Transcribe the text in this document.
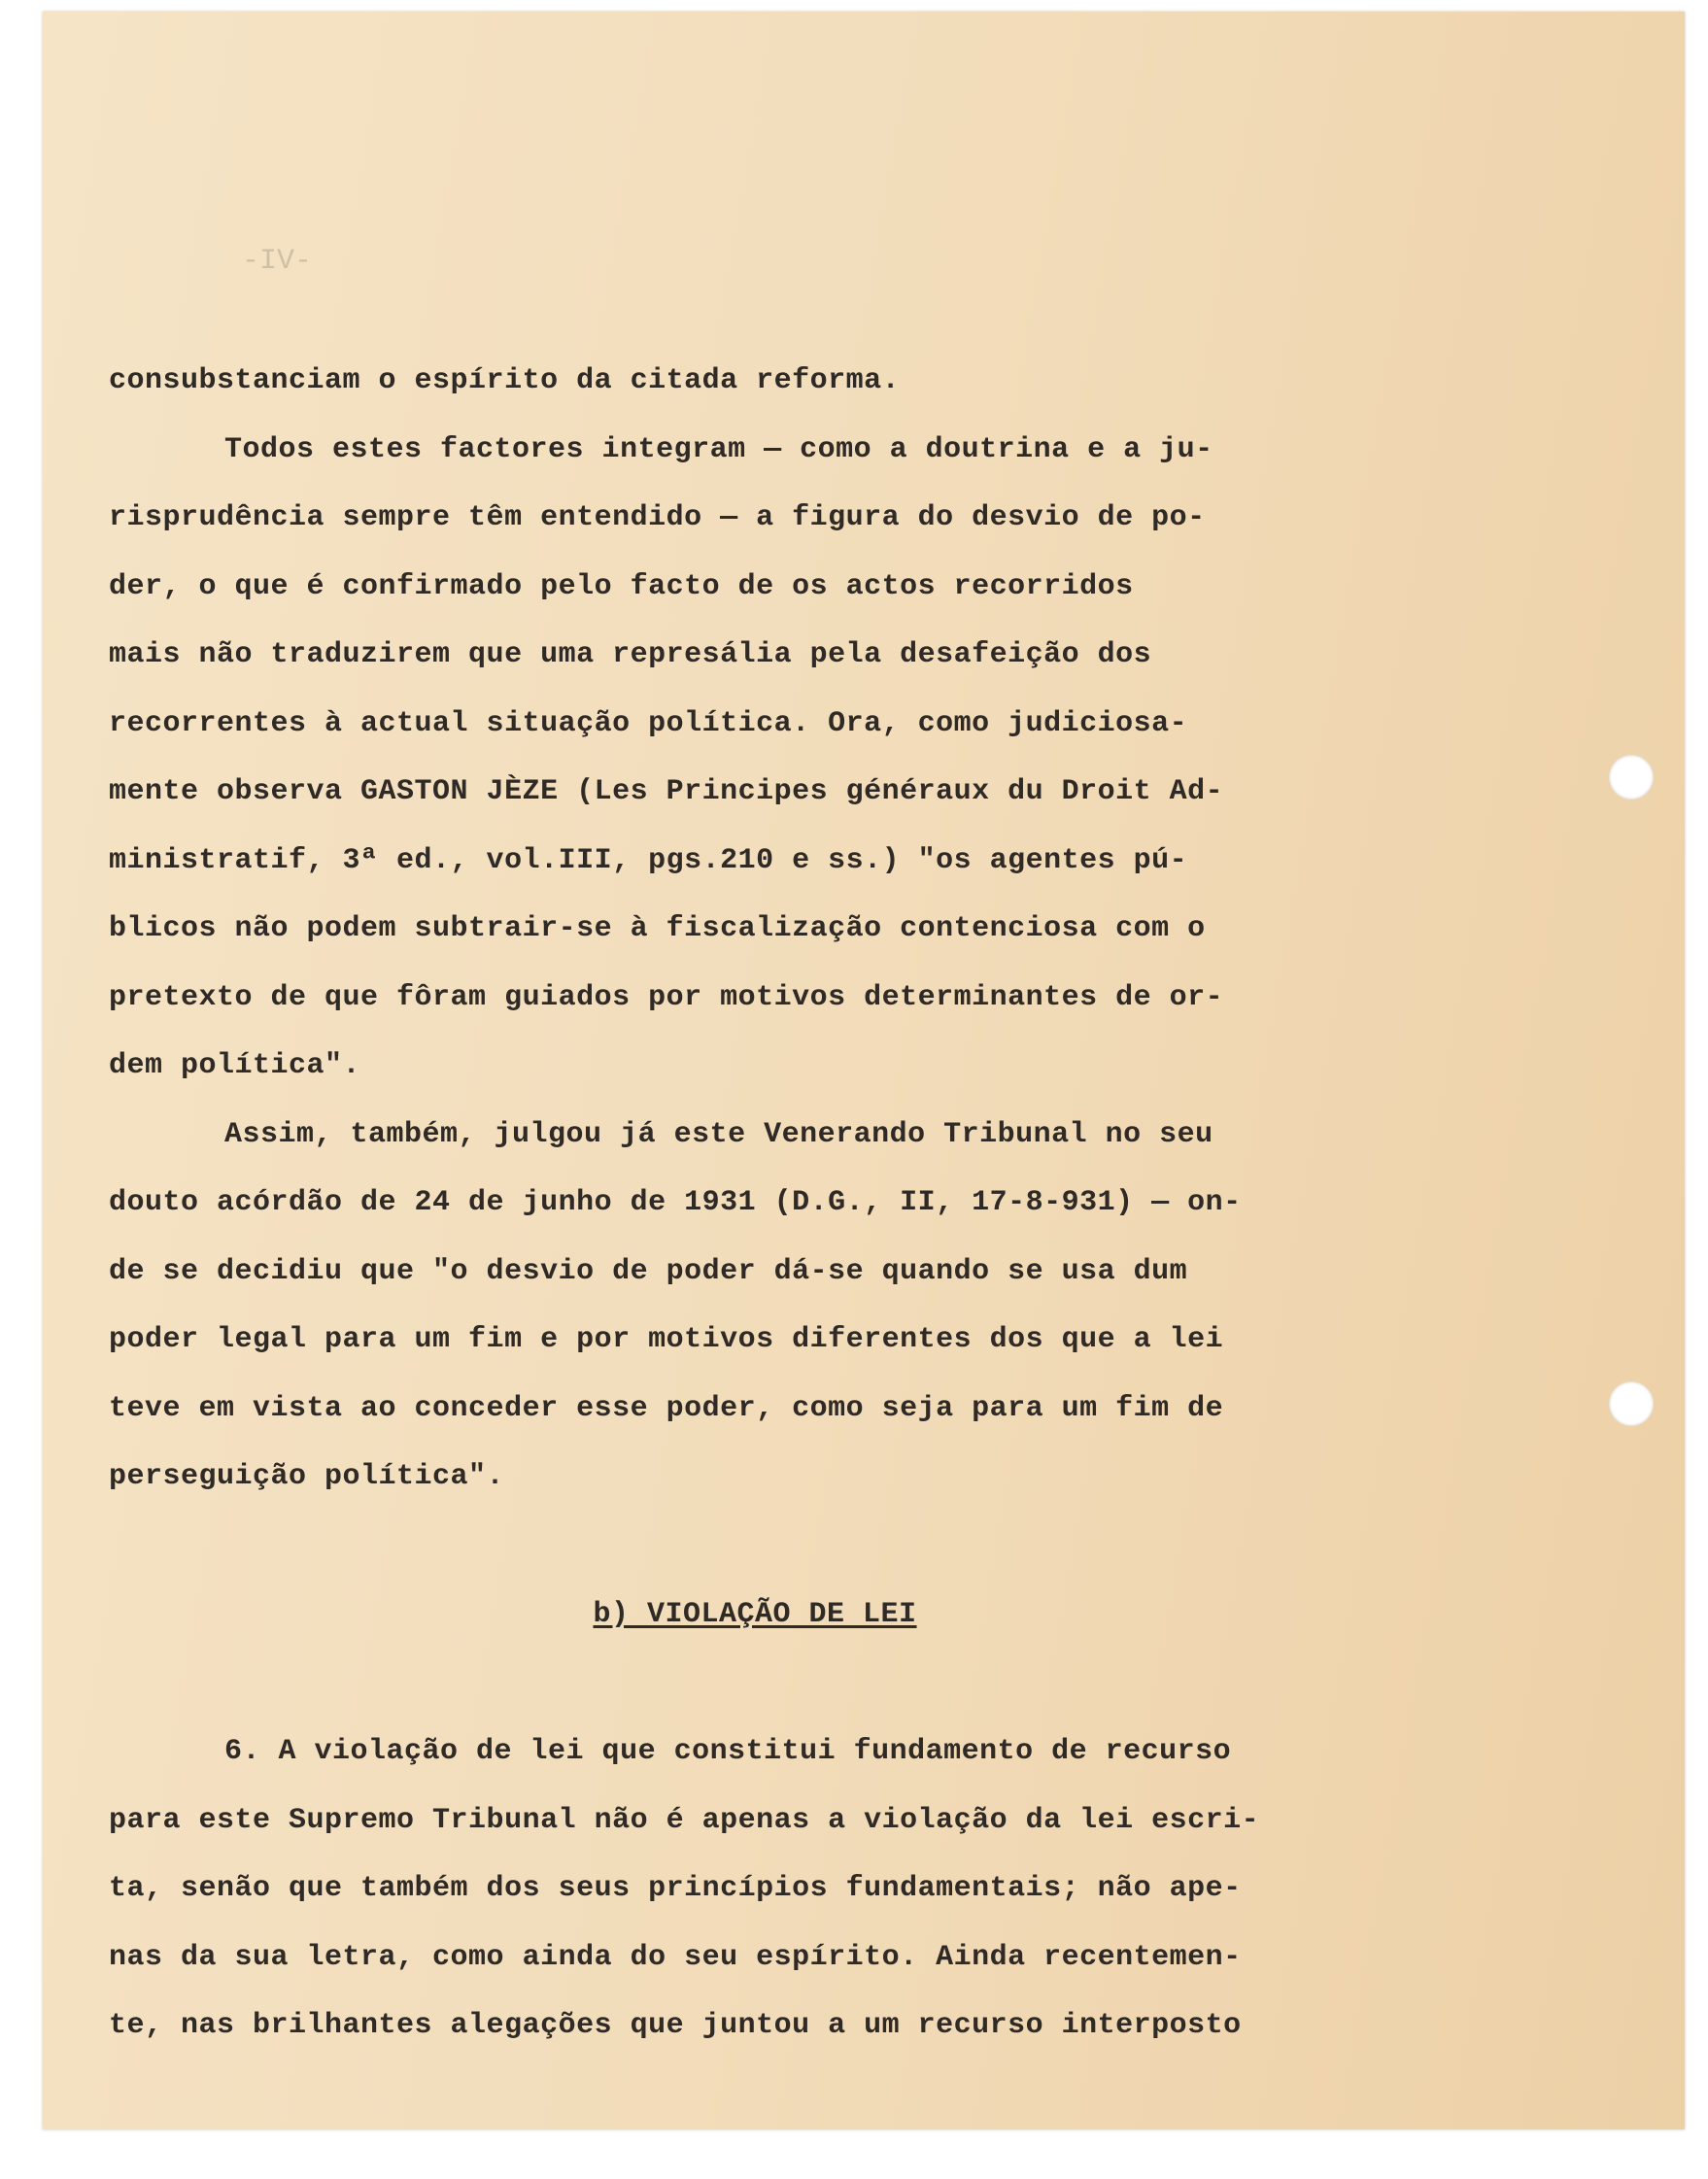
-IV-
consubstanciam o espírito da citada reforma.
Todos estes factores integram — como a doutrina e a ju-
risprudência sempre têm entendido — a figura do desvio de po-
der, o que é confirmado pelo facto de os actos recorridos
mais não traduzirem que uma represália pela desafeição dos
recorrentes à actual situação política. Ora, como judiciosa-
mente observa GASTON JÈZE (Les Principes généraux du Droit Ad-
ministratif, 3ª ed., vol.III, pgs.210 e ss.) "os agentes pú-
blicos não podem subtrair-se à fiscalização contenciosa com o
pretexto de que fôram guiados por motivos determinantes de or-
dem política".
Assim, também, julgou já este Venerando Tribunal no seu
douto acórdão de 24 de junho de 1931 (D.G., II, 17-8-931) — on-
de se decidiu que "o desvio de poder dá-se quando se usa dum
poder legal para um fim e por motivos diferentes dos que a lei
teve em vista ao conceder esse poder, como seja para um fim de
perseguição política".
b) VIOLAÇÃO DE LEI
6. A violação de lei que constitui fundamento de recurso
para este Supremo Tribunal não é apenas a violação da lei escri-
ta, senão que também dos seus princípios fundamentais; não ape-
nas da sua letra, como ainda do seu espírito. Ainda recentemen-
te, nas brilhantes alegações que juntou a um recurso interposto
